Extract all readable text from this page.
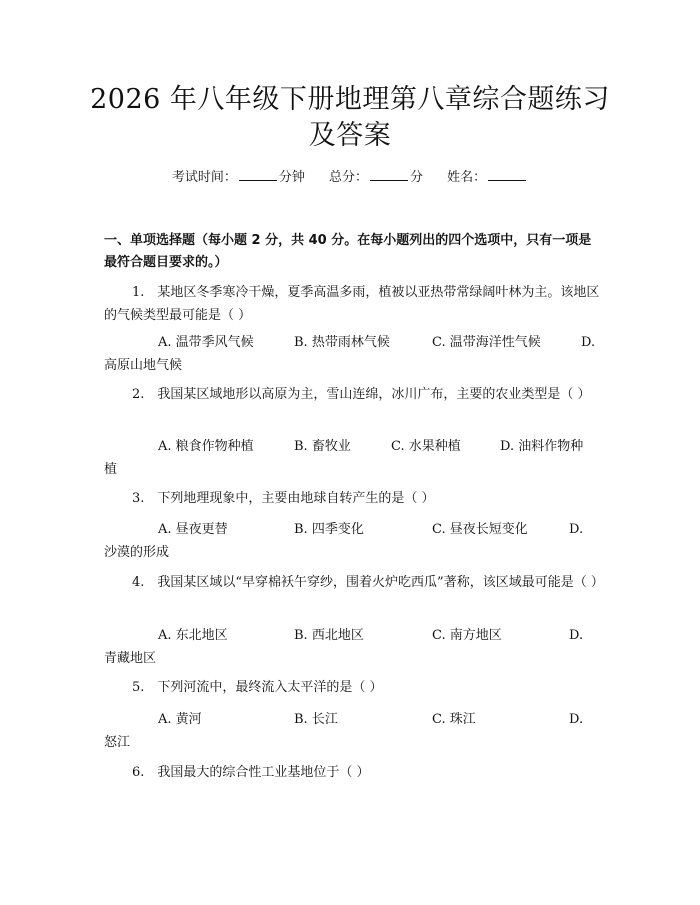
2026 年八年级下册地理第八章综合题练习及答案
考试时间：	分钟 总分：	分 姓名：
一、单项选择题（每小题 2 分，共 40 分。在每小题列出的四个选项中，只有一项是最符合题目要求的。）
1.　某地区冬季寒冷干燥，夏季高温多雨，植被以亚热带常绿阔叶林为主。该地区的气候类型最可能是（ ）
A. 温带季风气候	B. 热带雨林气候	C. 温带海洋性气候	D.
高原山地气候
2.　我国某区域地形以高原为主，雪山连绵，冰川广布，主要的农业类型是（ ）
A. 粮食作物种植	B. 畜牧业	C. 水果种植	D. 油料作物种
植
3.　下列地理现象中，主要由地球自转产生的是（ ）
A. 昼夜更替	B. 四季变化	C. 昼夜长短变化	D.
沙漠的形成
4.　我国某区域以“早穿棉袄午穿纱，围着火炉吃西瓜”著称，该区域最可能是（ ）
A. 东北地区	B. 西北地区	C. 南方地区	D.
青藏地区
5.　下列河流中，最终流入太平洋的是（ ）
A. 黄河	B. 长江	C. 珠江	D.
怒江
6.　我国最大的综合性工业基地位于（ ）
